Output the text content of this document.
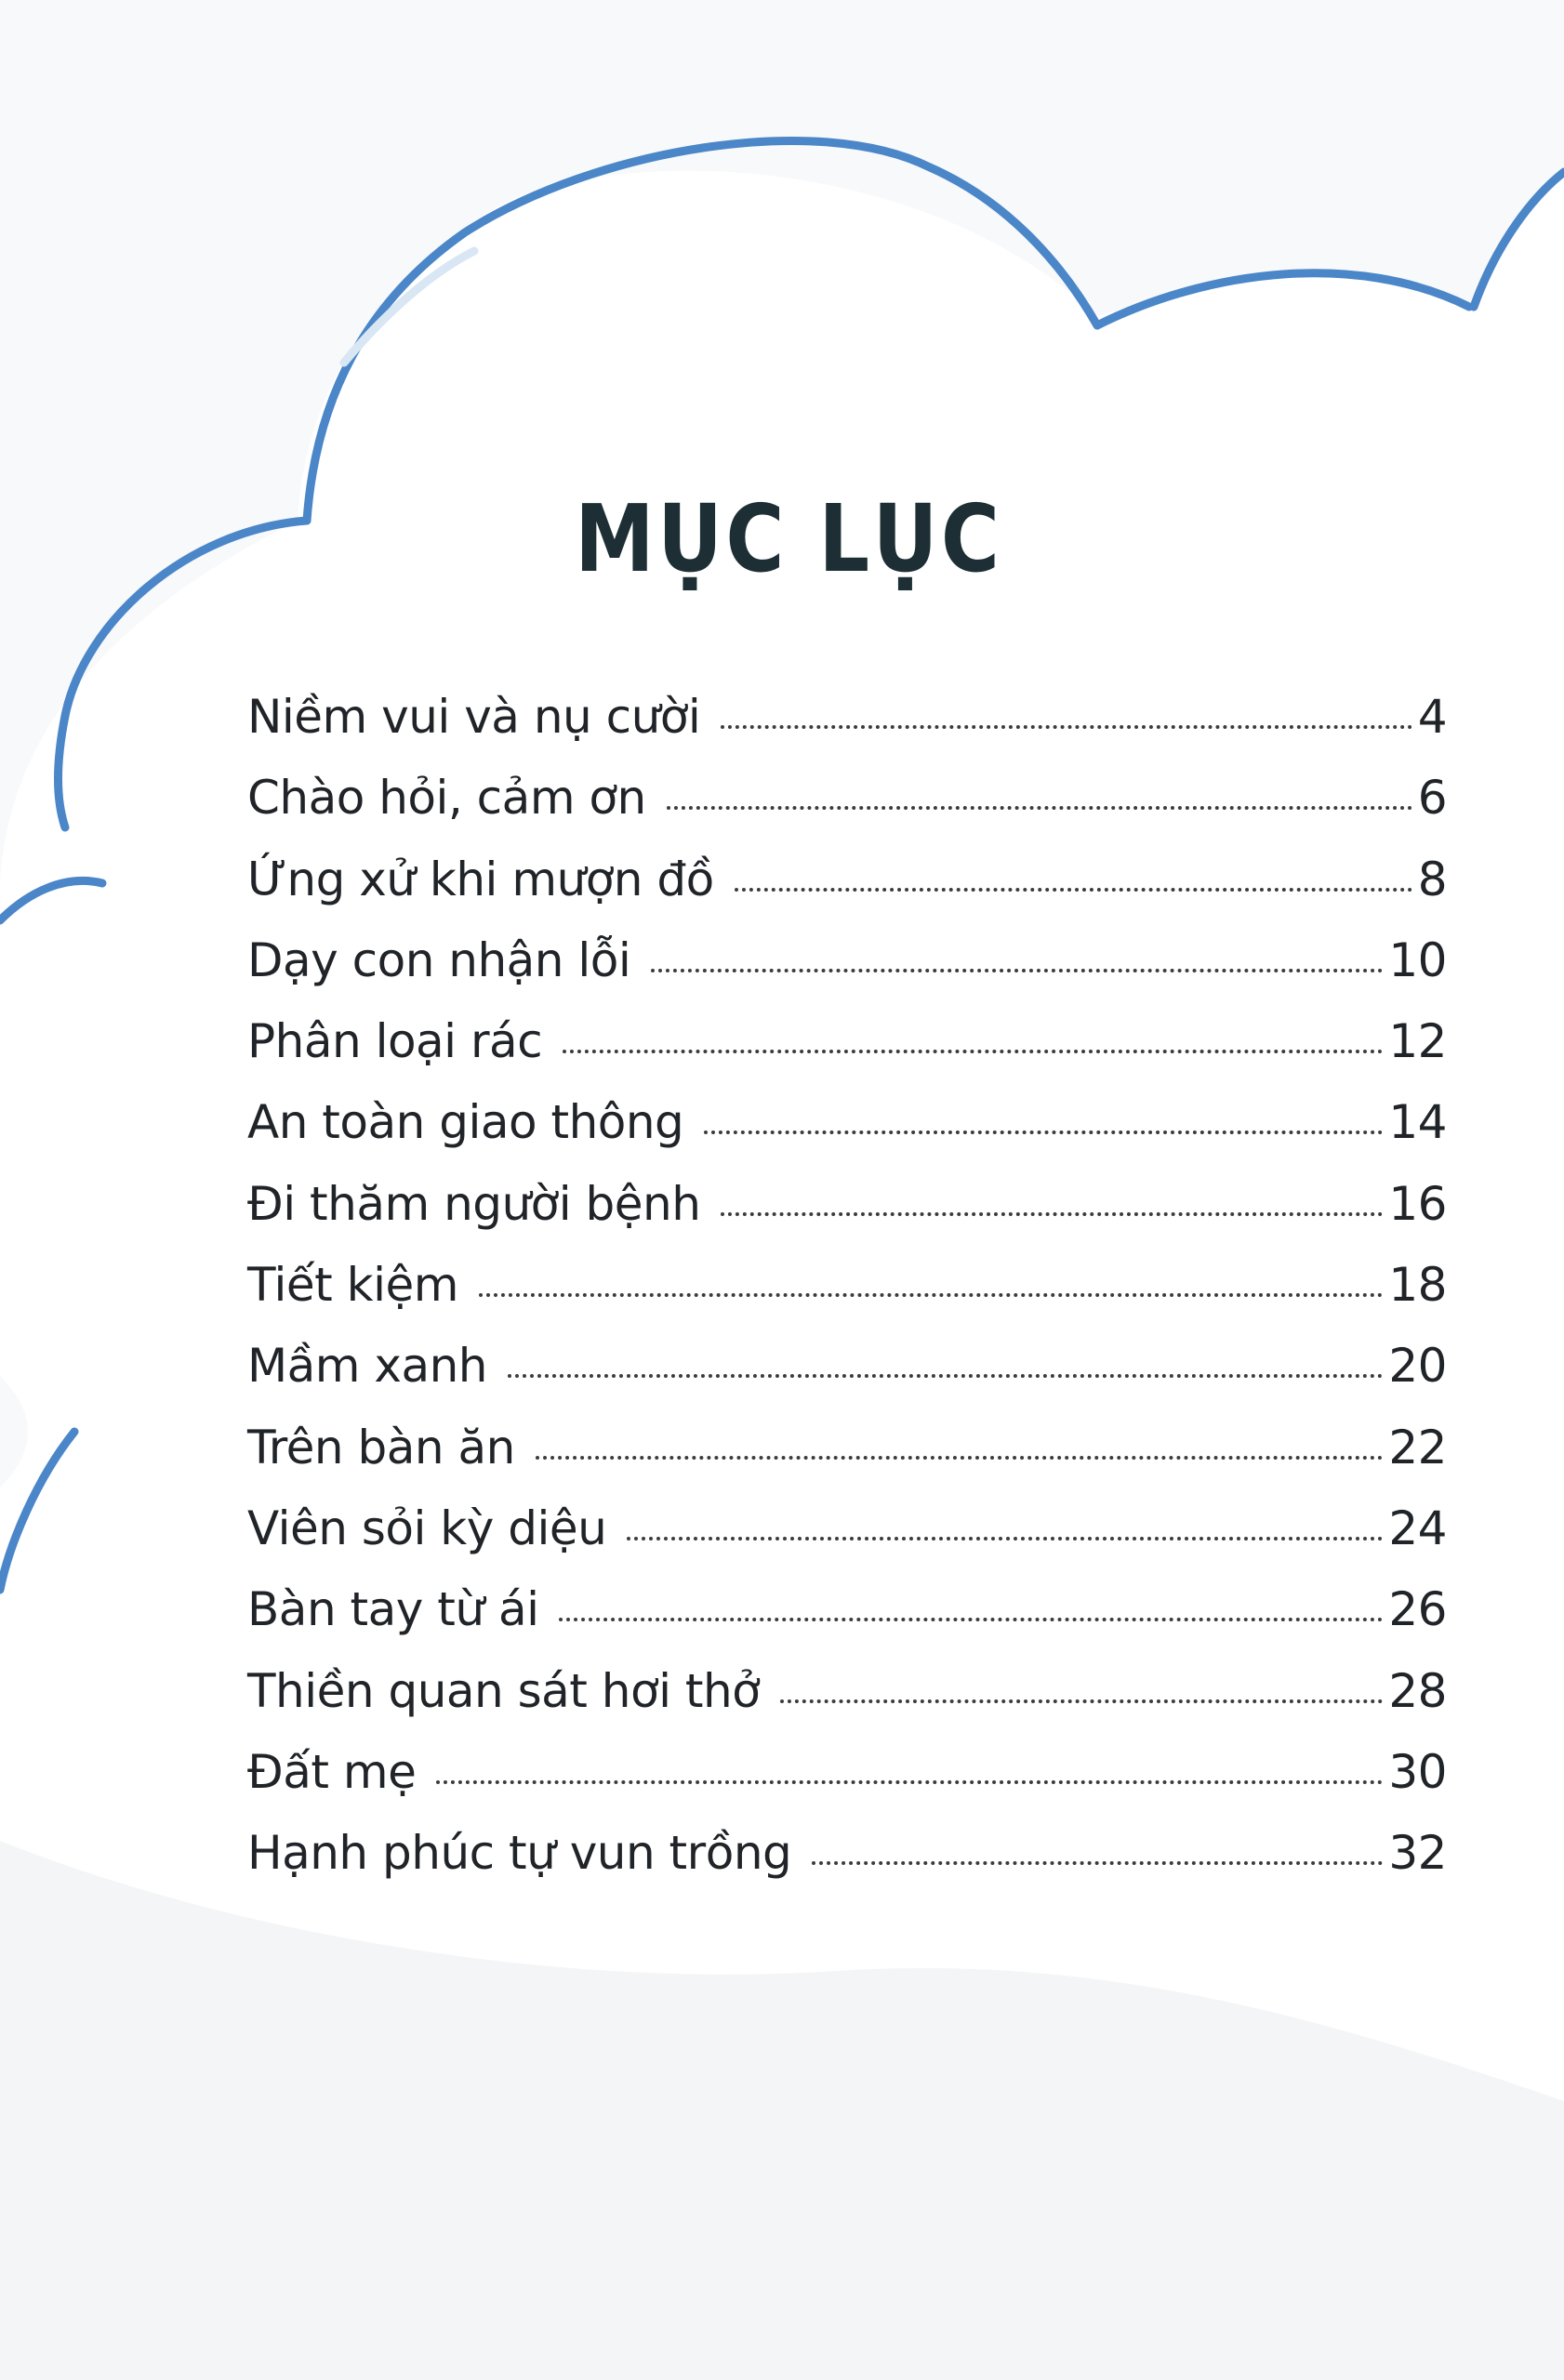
MỤC LỤC
Niềm vui và nụ cười	4
Chào hỏi, cảm ơn	6
Ứng xử khi mượn đồ	8
Dạy con nhận lỗi	10
Phân loại rác	12
An toàn giao thông	14
Đi thăm người bệnh	16
Tiết kiệm	18
Mầm xanh	20
Trên bàn ăn	22
Viên sỏi kỳ diệu	24
Bàn tay từ ái	26
Thiền quan sát hơi thở	28
Đất mẹ	30
Hạnh phúc tự vun trồng	32
